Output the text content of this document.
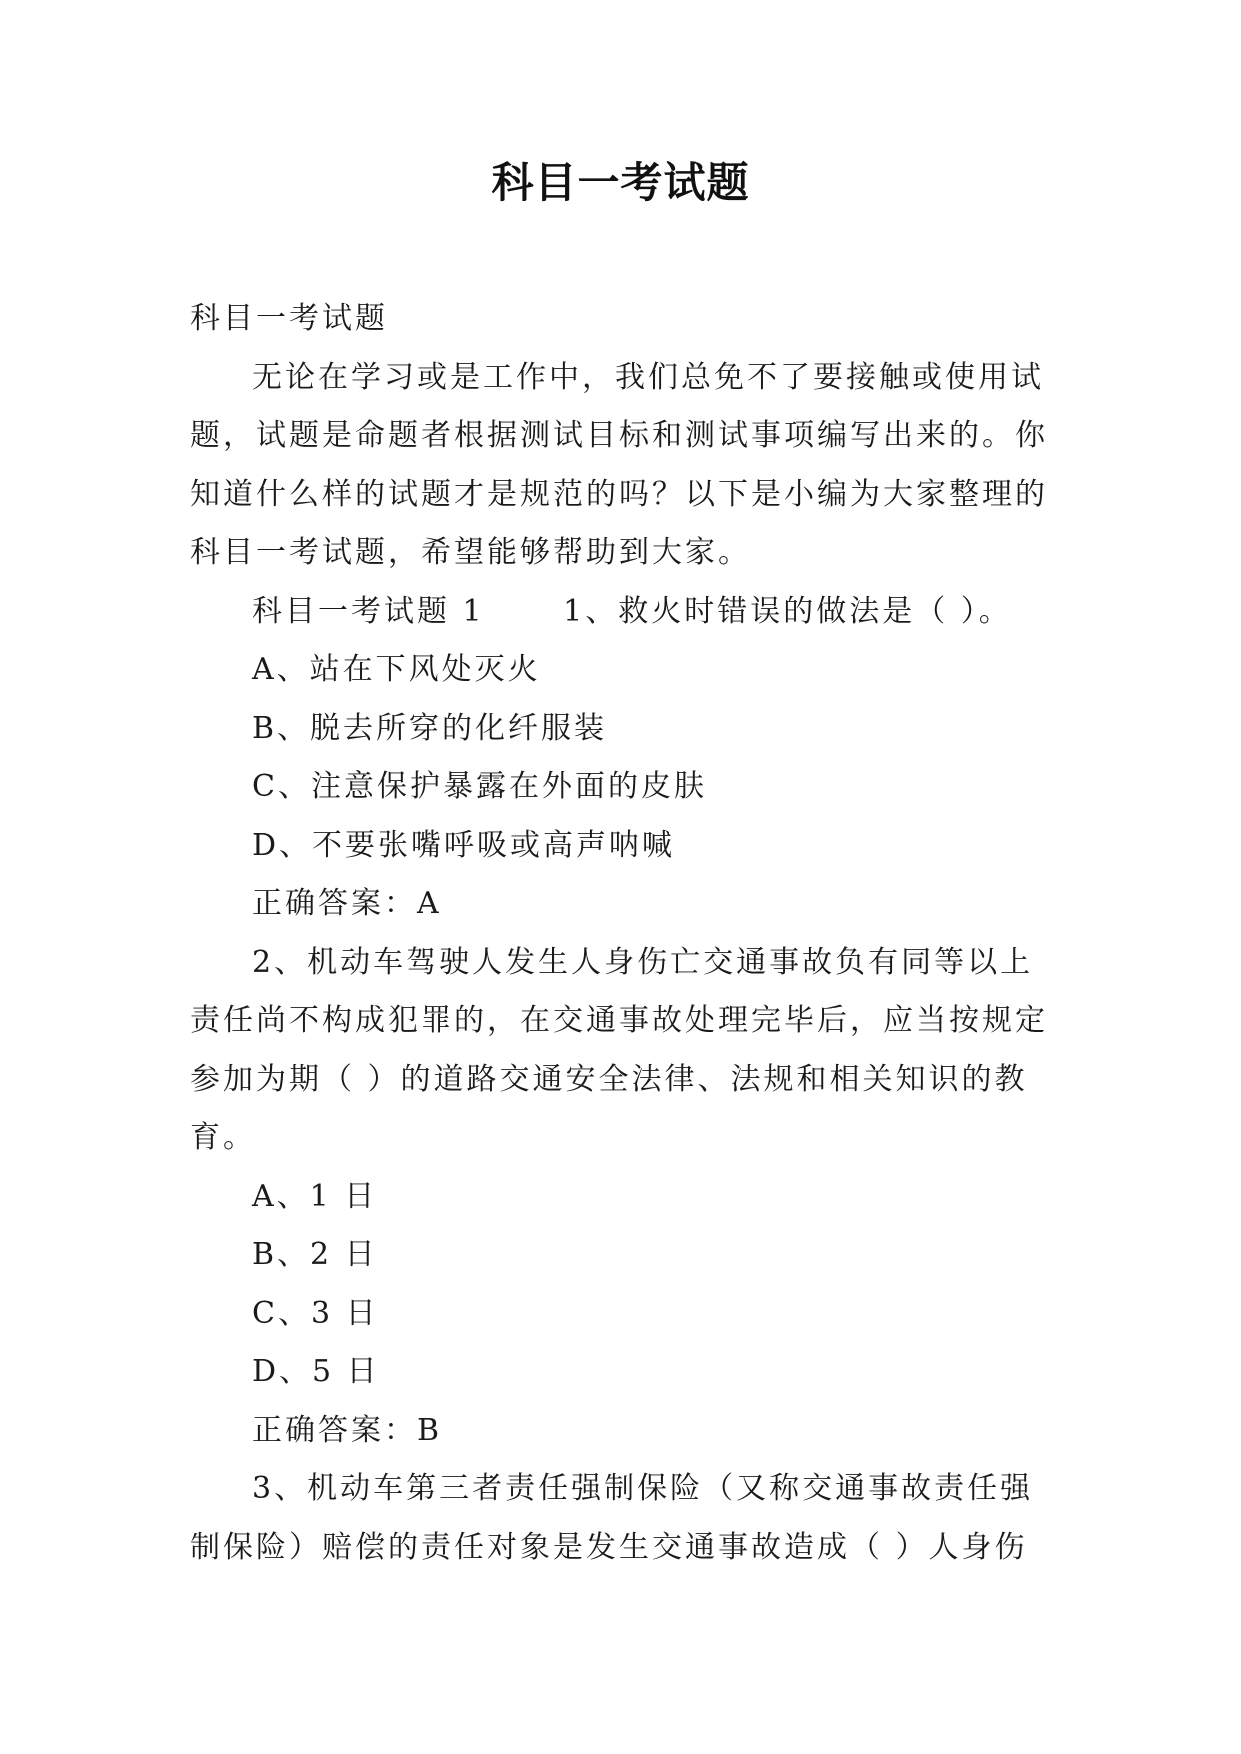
科目一考试题

科目一考试题

无论在学习或是工作中，我们总免不了要接触或使用试题，试题是命题者根据测试目标和测试事项编写出来的。你知道什么样的试题才是规范的吗？以下是小编为大家整理的科目一考试题，希望能够帮助到大家。

科目一考试题 1　　 1、救火时错误的做法是（ ）。

A、站在下风处灭火

B、脱去所穿的化纤服装

C、注意保护暴露在外面的皮肤

D、不要张嘴呼吸或高声呐喊

正确答案：A

2、机动车驾驶人发生人身伤亡交通事故负有同等以上责任尚不构成犯罪的，在交通事故处理完毕后，应当按规定参加为期（ ）的道路交通安全法律、法规和相关知识的教育。

A、1 日

B、2 日

C、3 日

D、5 日

正确答案：B

3、机动车第三者责任强制保险（又称交通事故责任强制保险）赔偿的责任对象是发生交通事故造成（ ）人身伤
